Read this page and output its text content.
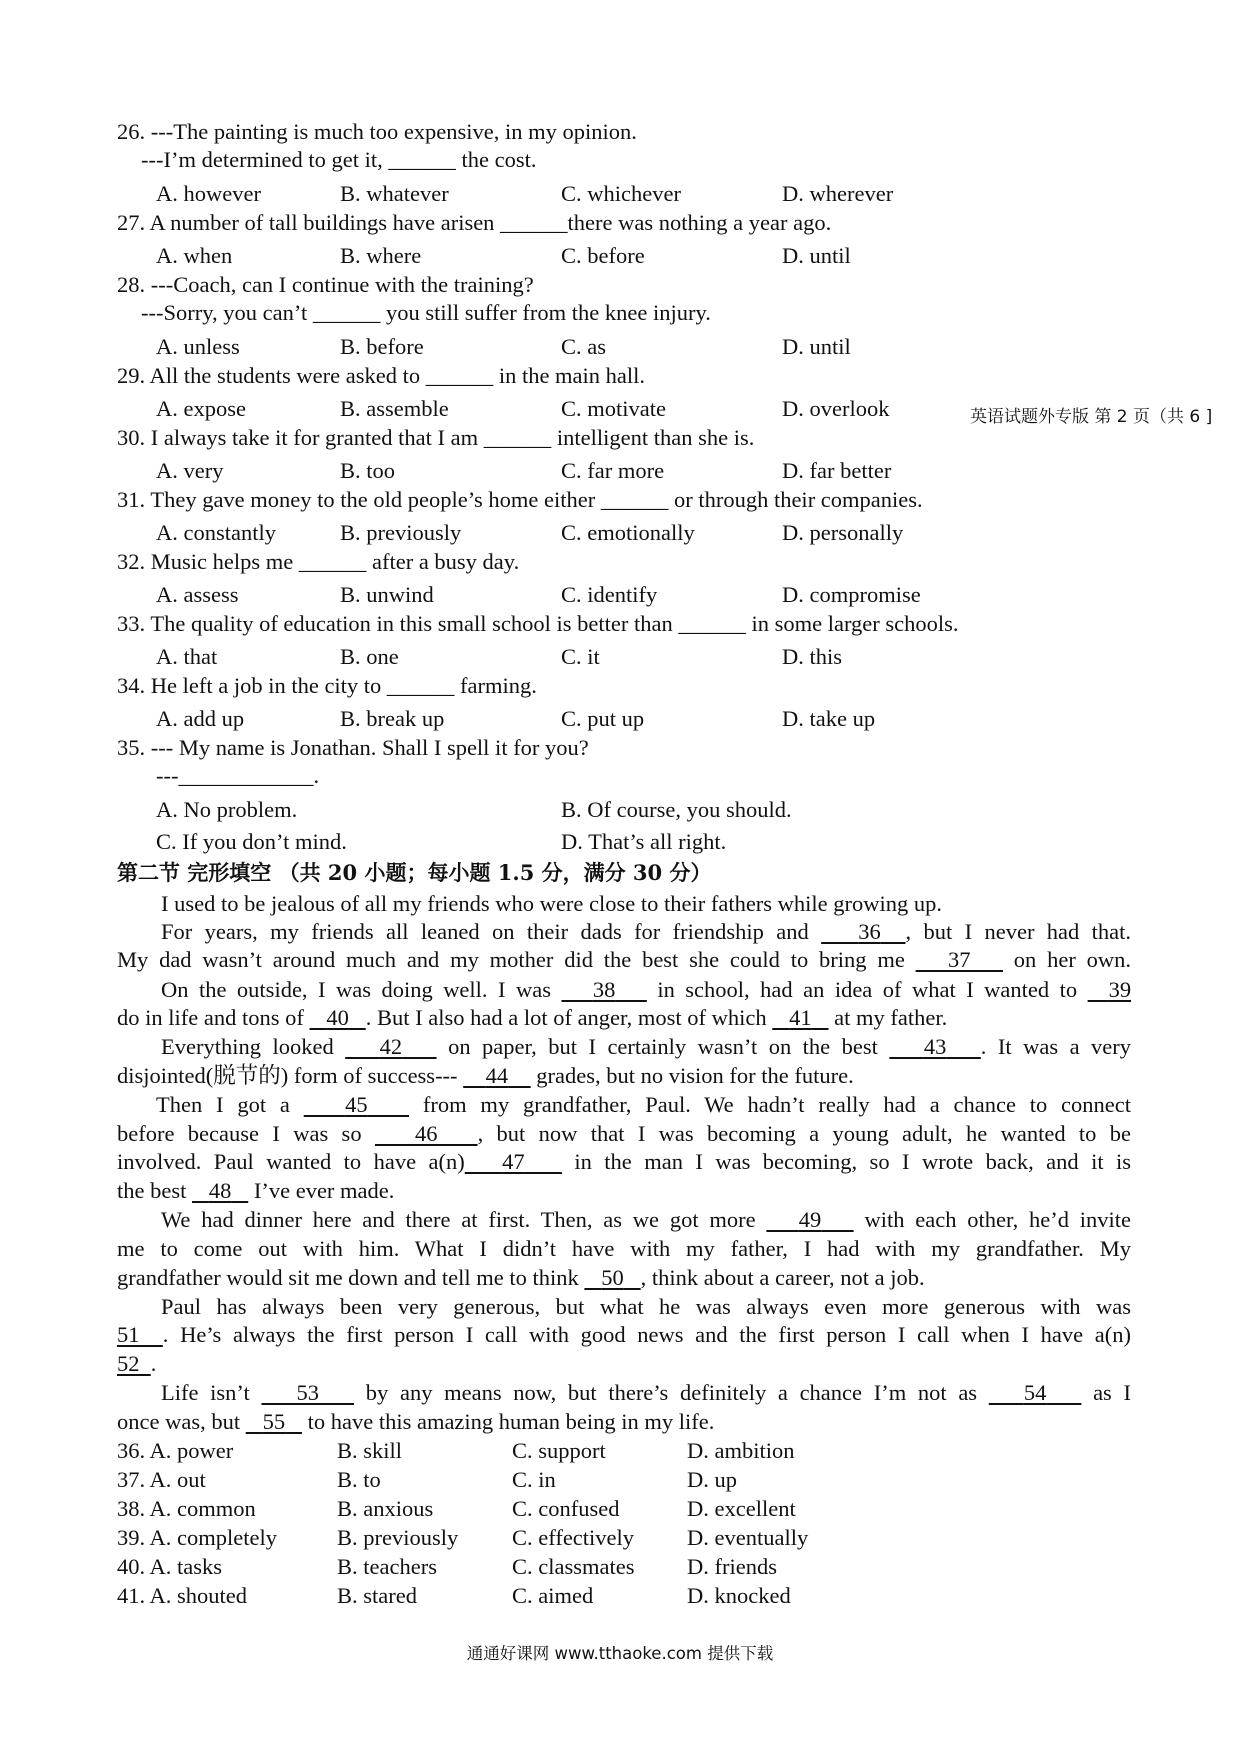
26. ---The painting is much too expensive, in my opinion.
---I’m determined to get it, ______ the cost.
A. however	B. whatever	C. whichever	D. wherever
27. A number of tall buildings have arisen ______there was nothing a year ago.
A. when	B. where	C. before	D. until
28. ---Coach, can I continue with the training?
---Sorry, you can’t ______ you still suffer from the knee injury.
A. unless	B. before	C. as	D. until
29. All the students were asked to ______ in the main hall.
A. expose	B. assemble	C. motivate	D. overlook	英语试题外专版 第 2 页（共 6 ]
30. I always take it for granted that I am ______ intelligent than she is.
A. very	B. too	C. far more	D. far better
31. They gave money to the old people’s home either ______ or through their companies.
A. constantly	B. previously	C. emotionally	D. personally
32. Music helps me ______ after a busy day.
A. assess	B. unwind	C. identify	D. compromise
33. The quality of education in this small school is better than ______ in some larger schools.
A. that	B. one	C. it	D. this
34. He left a job in the city to ______ farming.
A. add up	B. break up	C. put up	D. take up
35. --- My name is Jonathan. Shall I spell it for you?
---____________.
A. No problem.	B. Of course, you should.
C. If you don’t mind.	D. That’s all right.
第二节 完形填空 （共 20 小题；每小题 1.5 分，满分 30 分）
I used to be jealous of all my friends who were close to their fathers while growing up.
For years, my friends all leaned on their dads for friendship and 36 , but I never had that.
My dad wasn’t around much and my mother did the best she could to bring me 37 on her own.
On the outside, I was doing well. I was 38 in school, had an idea of what I wanted to 39
do in life and tons of 40 . But I also had a lot of anger, most of which 41 at my father.
Everything looked 42 on paper, but I certainly wasn’t on the best 43 . It was a very
disjointed(脱节的) form of success--- 44 grades, but no vision for the future.
Then I got a 45 from my grandfather, Paul. We hadn’t really had a chance to connect
before because I was so 46 , but now that I was becoming a young adult, he wanted to be
involved. Paul wanted to have a(n) 47 in the man I was becoming, so I wrote back, and it is
the best 48 I’ve ever made.
We had dinner here and there at first. Then, as we got more 49 with each other, he’d invite
me to come out with him. What I didn’t have with my father, I had with my grandfather. My
grandfather would sit me down and tell me to think 50 , think about a career, not a job.
Paul has always been very generous, but what he was always even more generous with was
51 . He’s always the first person I call with good news and the first person I call when I have a(n)
52 .
Life isn’t 53 by any means now, but there’s definitely a chance I’m not as 54 as I
once was, but 55 to have this amazing human being in my life.
36. A. power	B. skill	C. support	D. ambition
37. A. out	B. to	C. in	D. up
38. A. common	B. anxious	C. confused	D. excellent
39. A. completely	B. previously C. effectively D. eventually
40. A. tasks	B. teachers	C. classmates D. friends
41. A. shouted	B. stared	C. aimed	D. knocked
通通好课网 www.tthaoke.com 提供下载
